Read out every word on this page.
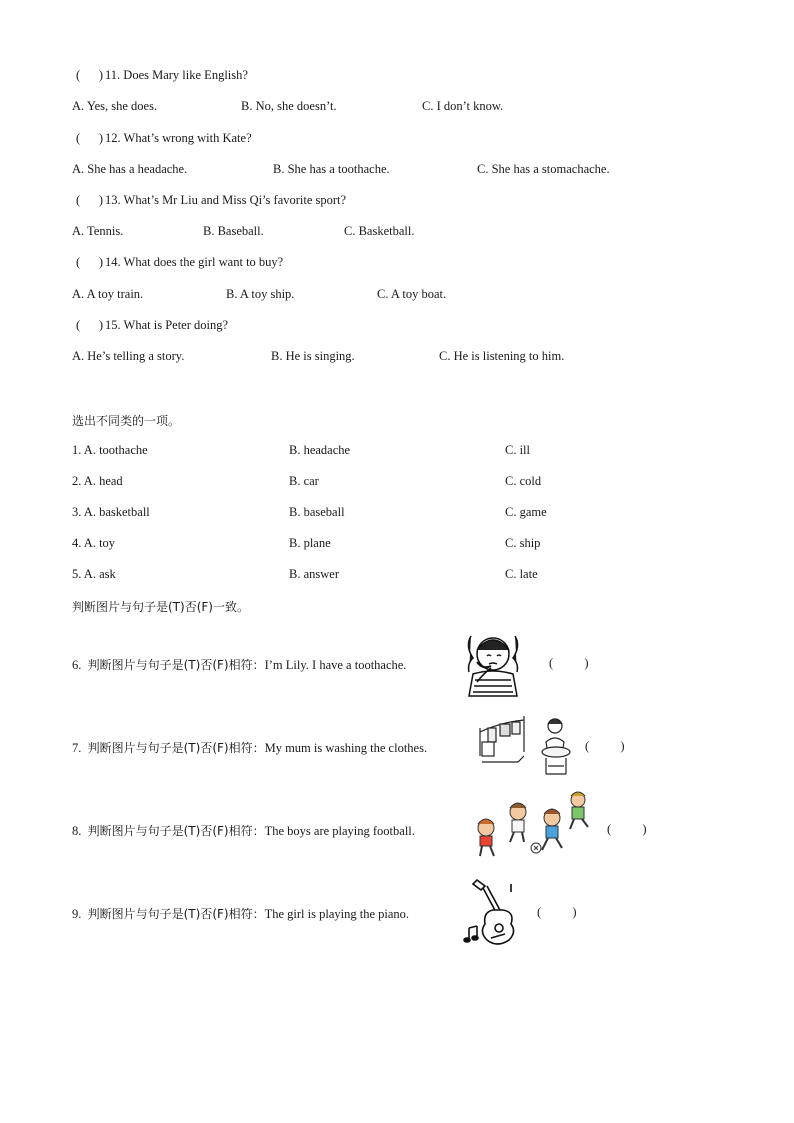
(      ) 11. Does Mary like English?
A. Yes, she does.	B. No, she doesn’t.	C. I don’t know.
(      ) 12. What’s wrong with Kate?
A. She has a headache.	B. She has a toothache.	C. She has a stomachache.
(      ) 13. What’s Mr Liu and Miss Qi’s favorite sport?
A. Tennis.	B. Baseball.	C. Basketball.
(      ) 14. What does the girl want to buy?
A. A toy train.	B. A toy ship.	C. A toy boat.
(      ) 15. What is Peter doing?
A. He’s telling a story.	B. He is singing.	C. He is listening to him.
选出不同类的一项。
1. A. toothache	B. headache	C. ill
2. A. head	B. car	C. cold
3. A. basketball	B. baseball	C. game
4. A. toy	B. plane	C. ship
5. A. ask	B. answer	C. late
判断图片与句子是(T)否(F)一致。
6. 判断图片与句子是(T)否(F)相符：I’m Lily. I have a toothache.	(          )
7. 判断图片与句子是(T)否(F)相符：My mum is washing the clothes.	(          )
8. 判断图片与句子是(T)否(F)相符：The boys are playing football.	(          )
9. 判断图片与句子是(T)否(F)相符：The girl is playing the piano.	(          )
